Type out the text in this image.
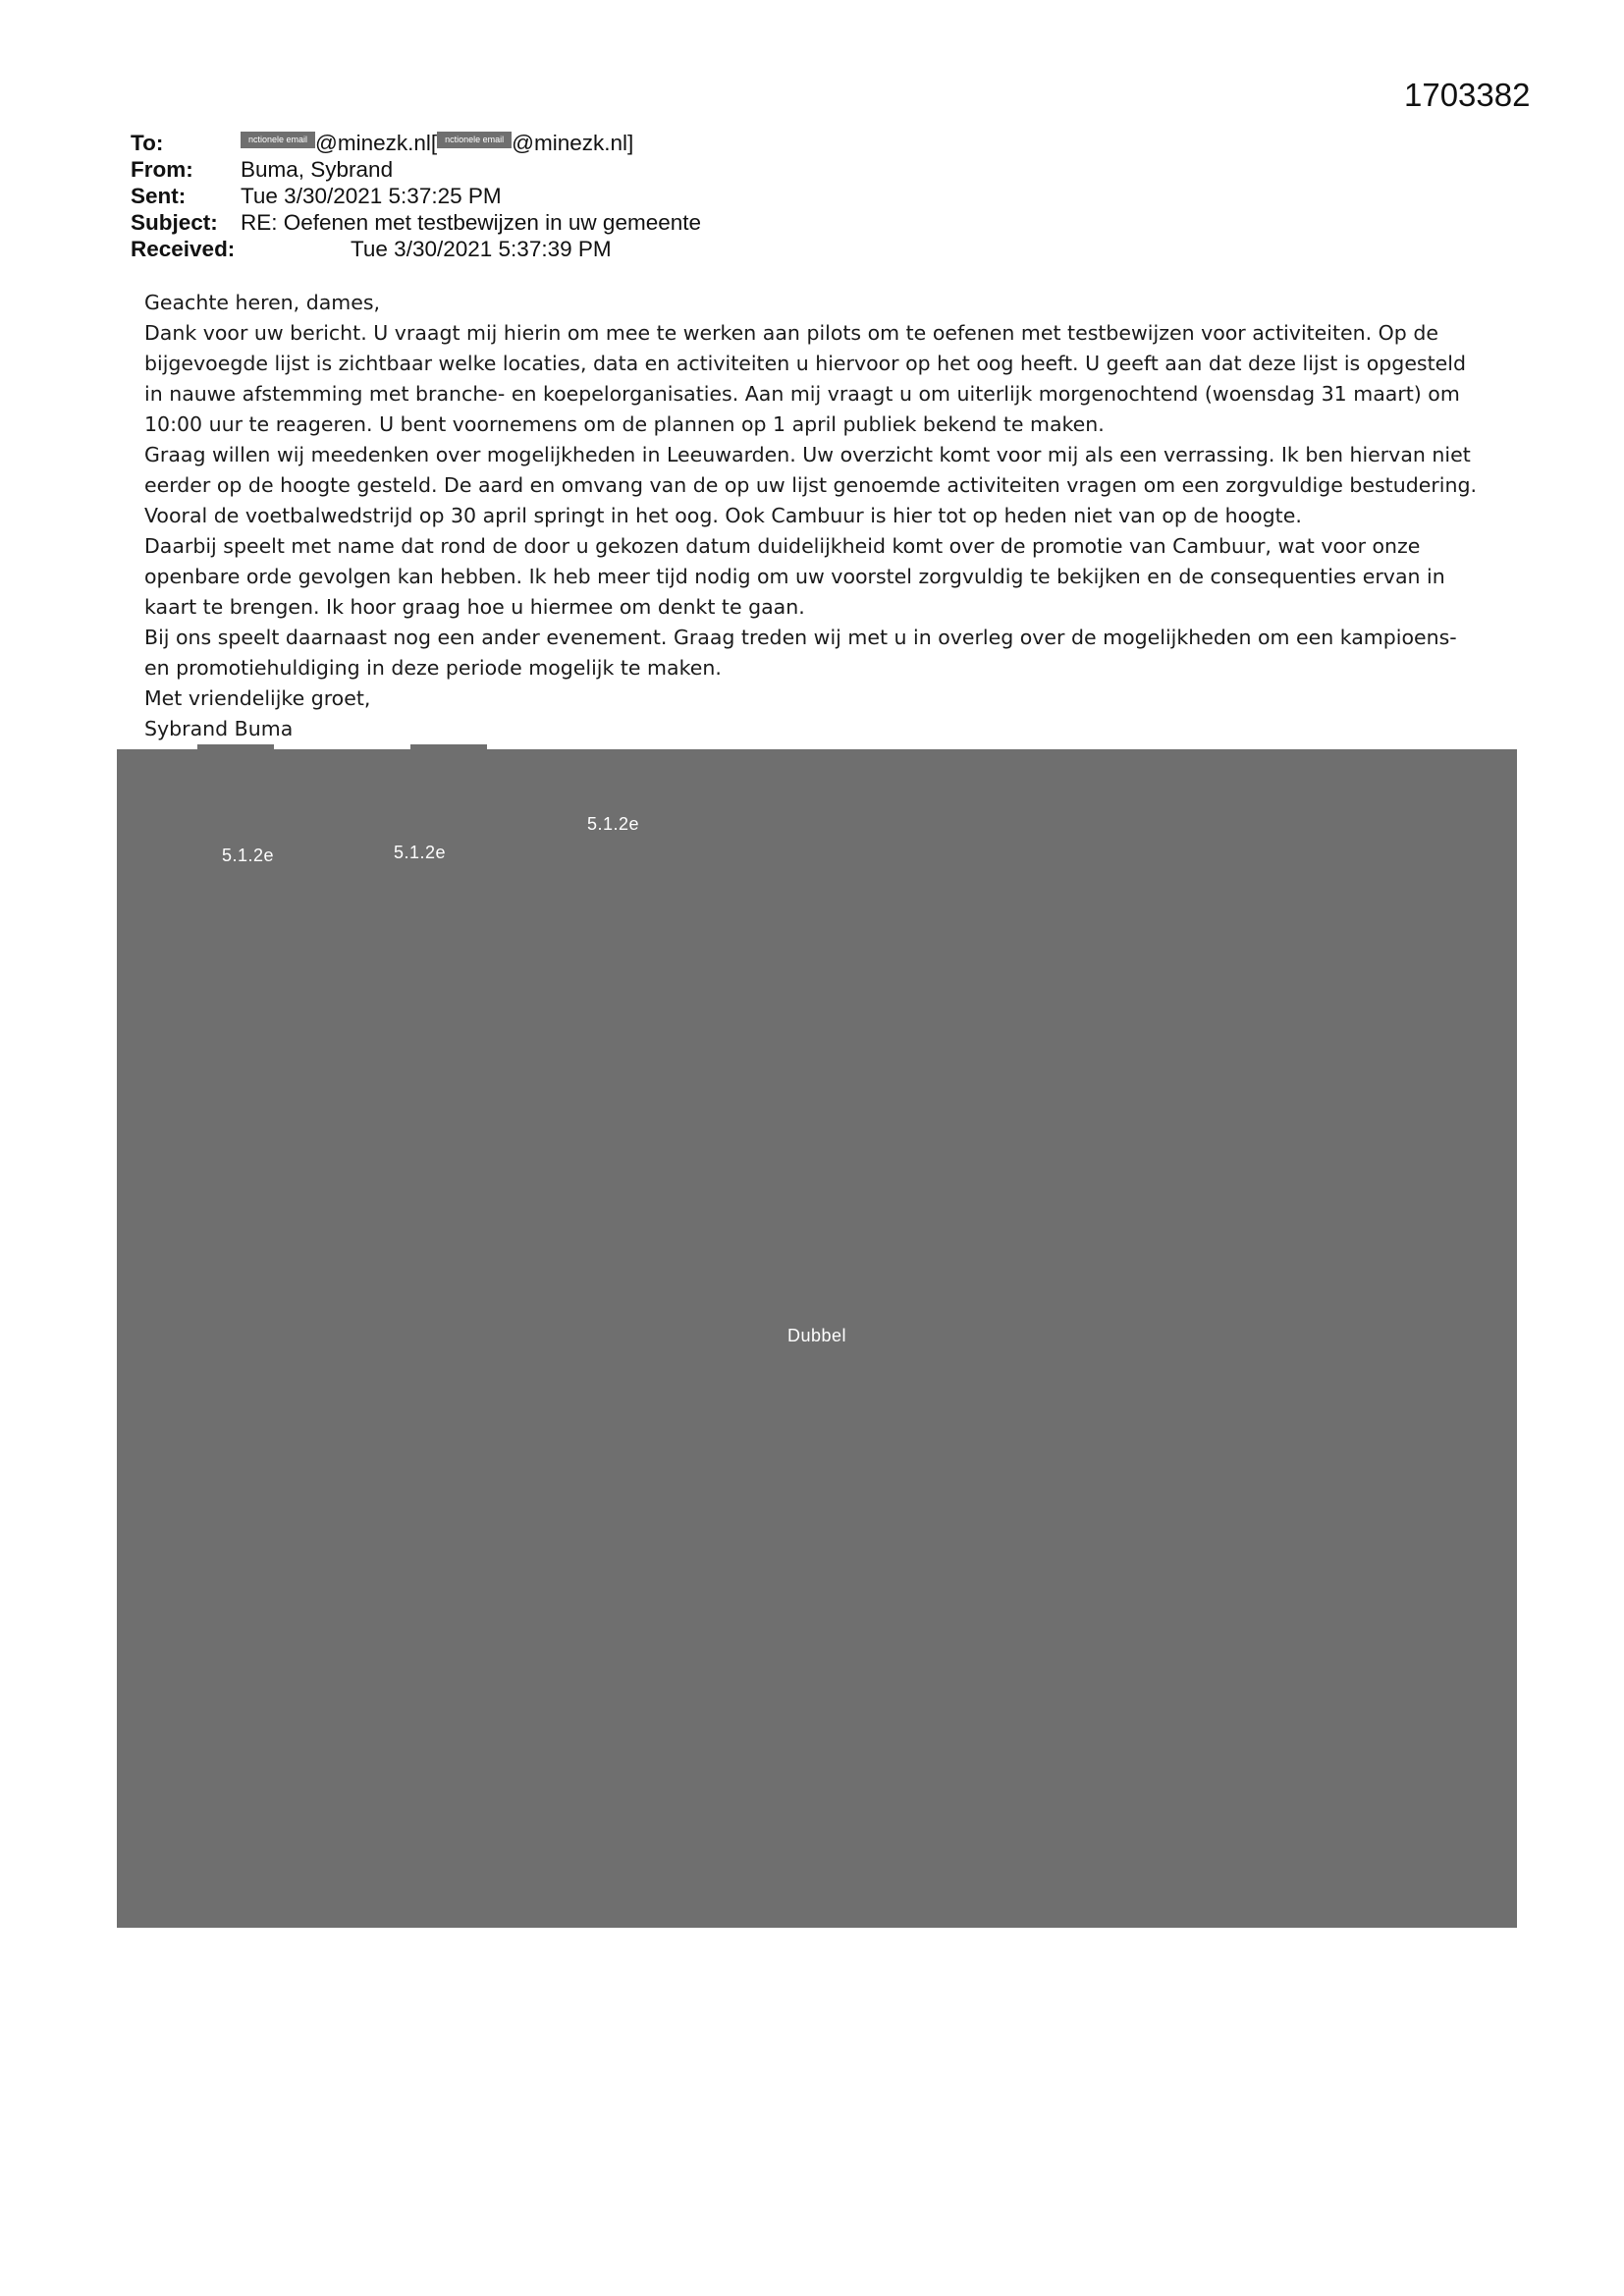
1703382
To:	nctionele email @minezk.nl[ nctionele email @minezk.nl]
From: Buma, Sybrand
Sent: Tue 3/30/2021 5:37:25 PM
Subject: RE: Oefenen met testbewijzen in uw gemeente
Received:	Tue 3/30/2021 5:37:39 PM

Geachte heren, dames,

Dank voor uw bericht. U vraagt mij hierin om mee te werken aan pilots om te oefenen met testbewijzen voor activiteiten. Op de

bijgevoegde lijst is zichtbaar welke locaties, data en activiteiten u hiervoor op het oog heeft. U geeft aan dat deze lijst is opgesteld

in nauwe afstemming met branche- en koepelorganisaties. Aan mij vraagt u om uiterlijk morgenochtend (woensdag 31 maart) om

10:00 uur te reageren. U bent voornemens om de plannen op 1 april publiek bekend te maken.

Graag willen wij meedenken over mogelijkheden in Leeuwarden. Uw overzicht komt voor mij als een verrassing. Ik ben hiervan niet

eerder op de hoogte gesteld. De aard en omvang van de op uw lijst genoemde activiteiten vragen om een zorgvuldige bestudering.

Vooral de voetbalwedstrijd op 30 april springt in het oog. Ook Cambuur is hier tot op heden niet van op de hoogte.

Daarbij speelt met name dat rond de door u gekozen datum duidelijkheid komt over de promotie van Cambuur, wat voor onze

openbare orde gevolgen kan hebben. Ik heb meer tijd nodig om uw voorstel zorgvuldig te bekijken en de consequenties ervan in

kaart te brengen. Ik hoor graag hoe u hiermee om denkt te gaan.

Bij ons speelt daarnaast nog een ander evenement. Graag treden wij met u in overleg over de mogelijkheden om een kampioens-

en promotiehuldiging in deze periode mogelijk te maken.

Met vriendelijke groet,

Sybrand Buma

5.1.2e	5.1.2e
5.1.2e
Dubbel
